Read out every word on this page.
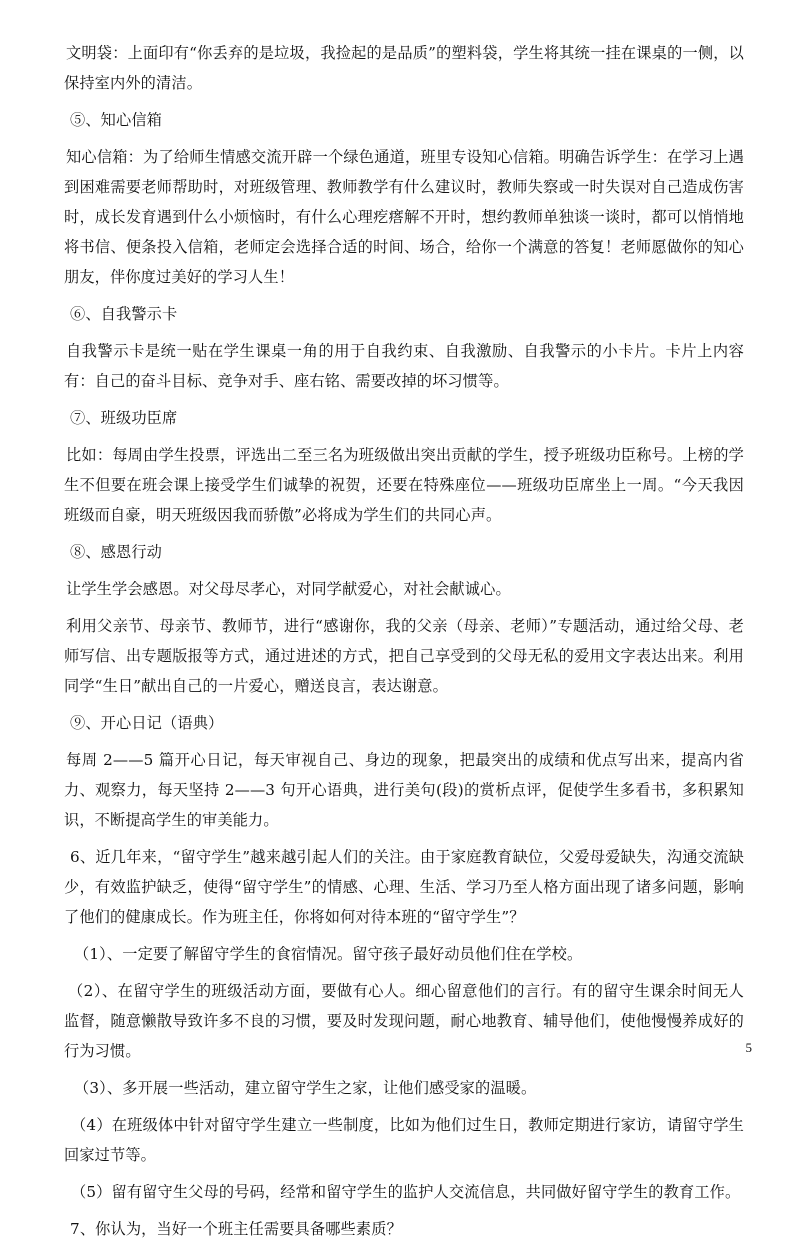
文明袋：上面印有“你丢弃的是垃圾，我捡起的是品质”的塑料袋，学生将其统一挂在课桌的一侧，以保持室内外的清洁。

⑤、知心信箱

知心信箱：为了给师生情感交流开辟一个绿色通道，班里专设知心信箱。明确告诉学生：在学习上遇到困难需要老师帮助时，对班级管理、教师教学有什么建议时，教师失察或一时失误对自己造成伤害时，成长发育遇到什么小烦恼时，有什么心理疙瘩解不开时，想约教师单独谈一谈时，都可以悄悄地将书信、便条投入信箱，老师定会选择合适的时间、场合，给你一个满意的答复！老师愿做你的知心朋友，伴你度过美好的学习人生！

⑥、自我警示卡

自我警示卡是统一贴在学生课桌一角的用于自我约束、自我激励、自我警示的小卡片。卡片上内容有：自己的奋斗目标、竞争对手、座右铭、需要改掉的坏习惯等。

⑦、班级功臣席

比如：每周由学生投票，评选出二至三名为班级做出突出贡献的学生，授予班级功臣称号。上榜的学生不但要在班会课上接受学生们诚挚的祝贺，还要在特殊座位——班级功臣席坐上一周。“今天我因班级而自豪，明天班级因我而骄傲”必将成为学生们的共同心声。

⑧、感恩行动

让学生学会感恩。对父母尽孝心，对同学献爱心，对社会献诚心。

利用父亲节、母亲节、教师节，进行“感谢你，我的父亲（母亲、老师）”专题活动，通过给父母、老师写信、出专题版报等方式，通过进述的方式，把自己享受到的父母无私的爱用文字表达出来。利用同学“生日”献出自己的一片爱心，赠送良言，表达谢意。

⑨、开心日记（语典）

每周 2——5 篇开心日记，每天审视自己、身边的现象，把最突出的成绩和优点写出来，提高内省力、观察力，每天坚持 2——3 句开心语典，进行美句(段)的赏析点评，促使学生多看书，多积累知识，不断提高学生的审美能力。

6、近几年来，“留守学生”越来越引起人们的关注。由于家庭教育缺位，父爱母爱缺失，沟通交流缺少，有效监护缺乏，使得“留守学生”的情感、心理、生活、学习乃至人格方面出现了诸多问题，影响了他们的健康成长。作为班主任，你将如何对待本班的“留守学生”？

（1）、一定要了解留守学生的食宿情况。留守孩子最好动员他们住在学校。

（2）、在留守学生的班级活动方面，要做有心人。细心留意他们的言行。有的留守生课余时间无人监督，随意懒散导致许多不良的习惯，要及时发现问题，耐心地教育、辅导他们，使他慢慢养成好的行为习惯。

（3）、多开展一些活动，建立留守学生之家，让他们感受家的温暖。

（4）在班级体中针对留守学生建立一些制度，比如为他们过生日，教师定期进行家访，请留守学生回家过节等。

（5）留有留守生父母的号码，经常和留守学生的监护人交流信息，共同做好留守学生的教育工作。

7、你认为，当好一个班主任需要具备哪些素质？

5
